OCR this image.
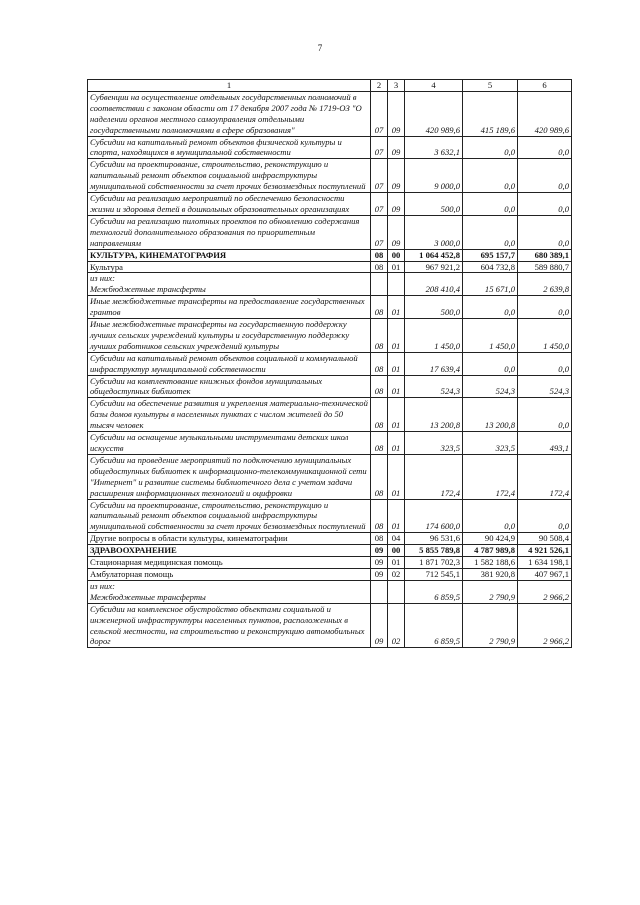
7
1	2	3	4	5	6
Субвенции на осуществление отдельных государственных полномочий в соответствии с законом области от 17 декабря 2007 года № 1719-ОЗ "О наделении органов местного самоуправления отдельными государственными полномочиями в сфере образования"	07	09	420 989,6	415 189,6	420 989,6
Субсидии на капитальный ремонт объектов физической культуры и спорта, находящихся в муниципальной собственности	07	09	3 632,1	0,0	0,0
Субсидии на проектирование, строительство, реконструкцию и капитальный ремонт объектов социальной инфраструктуры муниципальной собственности за счет прочих безвозмездных поступлений	07	09	9 000,0	0,0	0,0
Субсидии на реализацию мероприятий по обеспечению безопасности жизни и здоровья детей в дошкольных образовательных организациях	07	09	500,0	0,0	0,0
Субсидии на реализацию пилотных проектов по обновлению содержания технологий дополнительного образования по приоритетным направлениям	07	09	3 000,0	0,0	0,0
КУЛЬТУРА, КИНЕМАТОГРАФИЯ	08	00	1 064 452,8	695 157,7	680 389,1
Культура	08	01	967 921,2	604 732,8	589 880,7
из них:
Межбюджетные трансферты			208 410,4	15 671,0	2 639,8
Иные межбюджетные трансферты на предоставление государственных грантов	08	01	500,0	0,0	0,0
Иные межбюджетные трансферты на государственную поддержку лучших сельских учреждений культуры и государственную поддержку лучших работников сельских учреждений культуры	08	01	1 450,0	1 450,0	1 450,0
Субсидии на капитальный ремонт объектов социальной и коммунальной инфраструктур муниципальной собственности	08	01	17 639,4	0,0	0,0
Субсидии на комплектование книжных фондов муниципальных общедоступных библиотек	08	01	524,3	524,3	524,3
Субсидии на обеспечение развития и укрепления материально-технической базы домов культуры в населенных пунктах с числом жителей до 50 тысяч человек	08	01	13 200,8	13 200,8	0,0
Субсидии на оснащение музыкальными инструментами детских школ искусств	08	01	323,5	323,5	493,1
Субсидии на проведение мероприятий по подключению муниципальных общедоступных библиотек к информационно-телекоммуникационной сети "Интернет" и развитие системы библиотечного дела с учетом задачи расширения информационных технологий и оцифровки	08	01	172,4	172,4	172,4
Субсидии на проектирование, строительство, реконструкцию и капитальный ремонт объектов социальной инфраструктуры муниципальной собственности за счет прочих безвозмездных поступлений	08	01	174 600,0	0,0	0,0
Другие вопросы в области культуры, кинематографии	08	04	96 531,6	90 424,9	90 508,4
ЗДРАВООХРАНЕНИЕ	09	00	5 855 789,8	4 787 989,8	4 921 526,1
Стационарная медицинская помощь	09	01	1 871 702,3	1 582 188,6	1 634 198,1
Амбулаторная помощь	09	02	712 545,1	381 920,8	407 967,1
из них:
Межбюджетные трансферты			6 859,5	2 790,9	2 966,2
Субсидии на комплексное обустройство объектами социальной и инженерной инфраструктуры населенных пунктов, расположенных в сельской местности, на строительство и реконструкцию автомобильных дорог	09	02	6 859,5	2 790,9	2 966,2
